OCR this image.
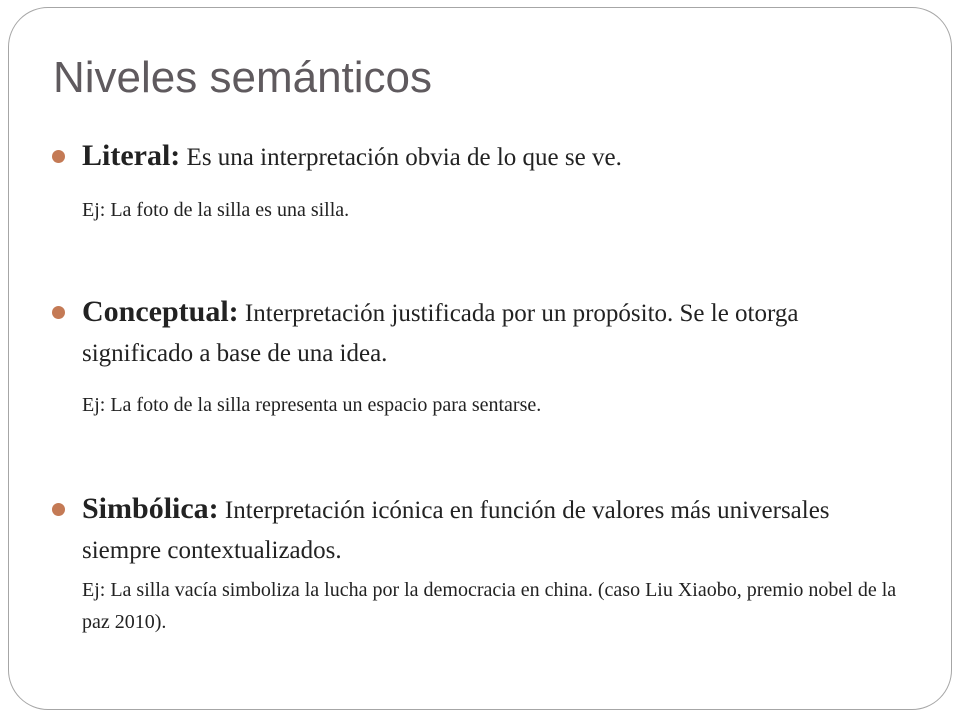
Niveles semánticos
Literal: Es una interpretación obvia de lo que se ve.
Ej: La foto de la silla es una silla.
Conceptual: Interpretación justificada por un propósito. Se le otorga significado a base de una idea.
Ej: La foto de la silla representa un espacio para sentarse.
Simbólica: Interpretación icónica en función de valores más universales siempre contextualizados.
Ej: La silla vacía simboliza la lucha por la democracia en china. (caso Liu Xiaobo, premio nobel de la paz 2010).
